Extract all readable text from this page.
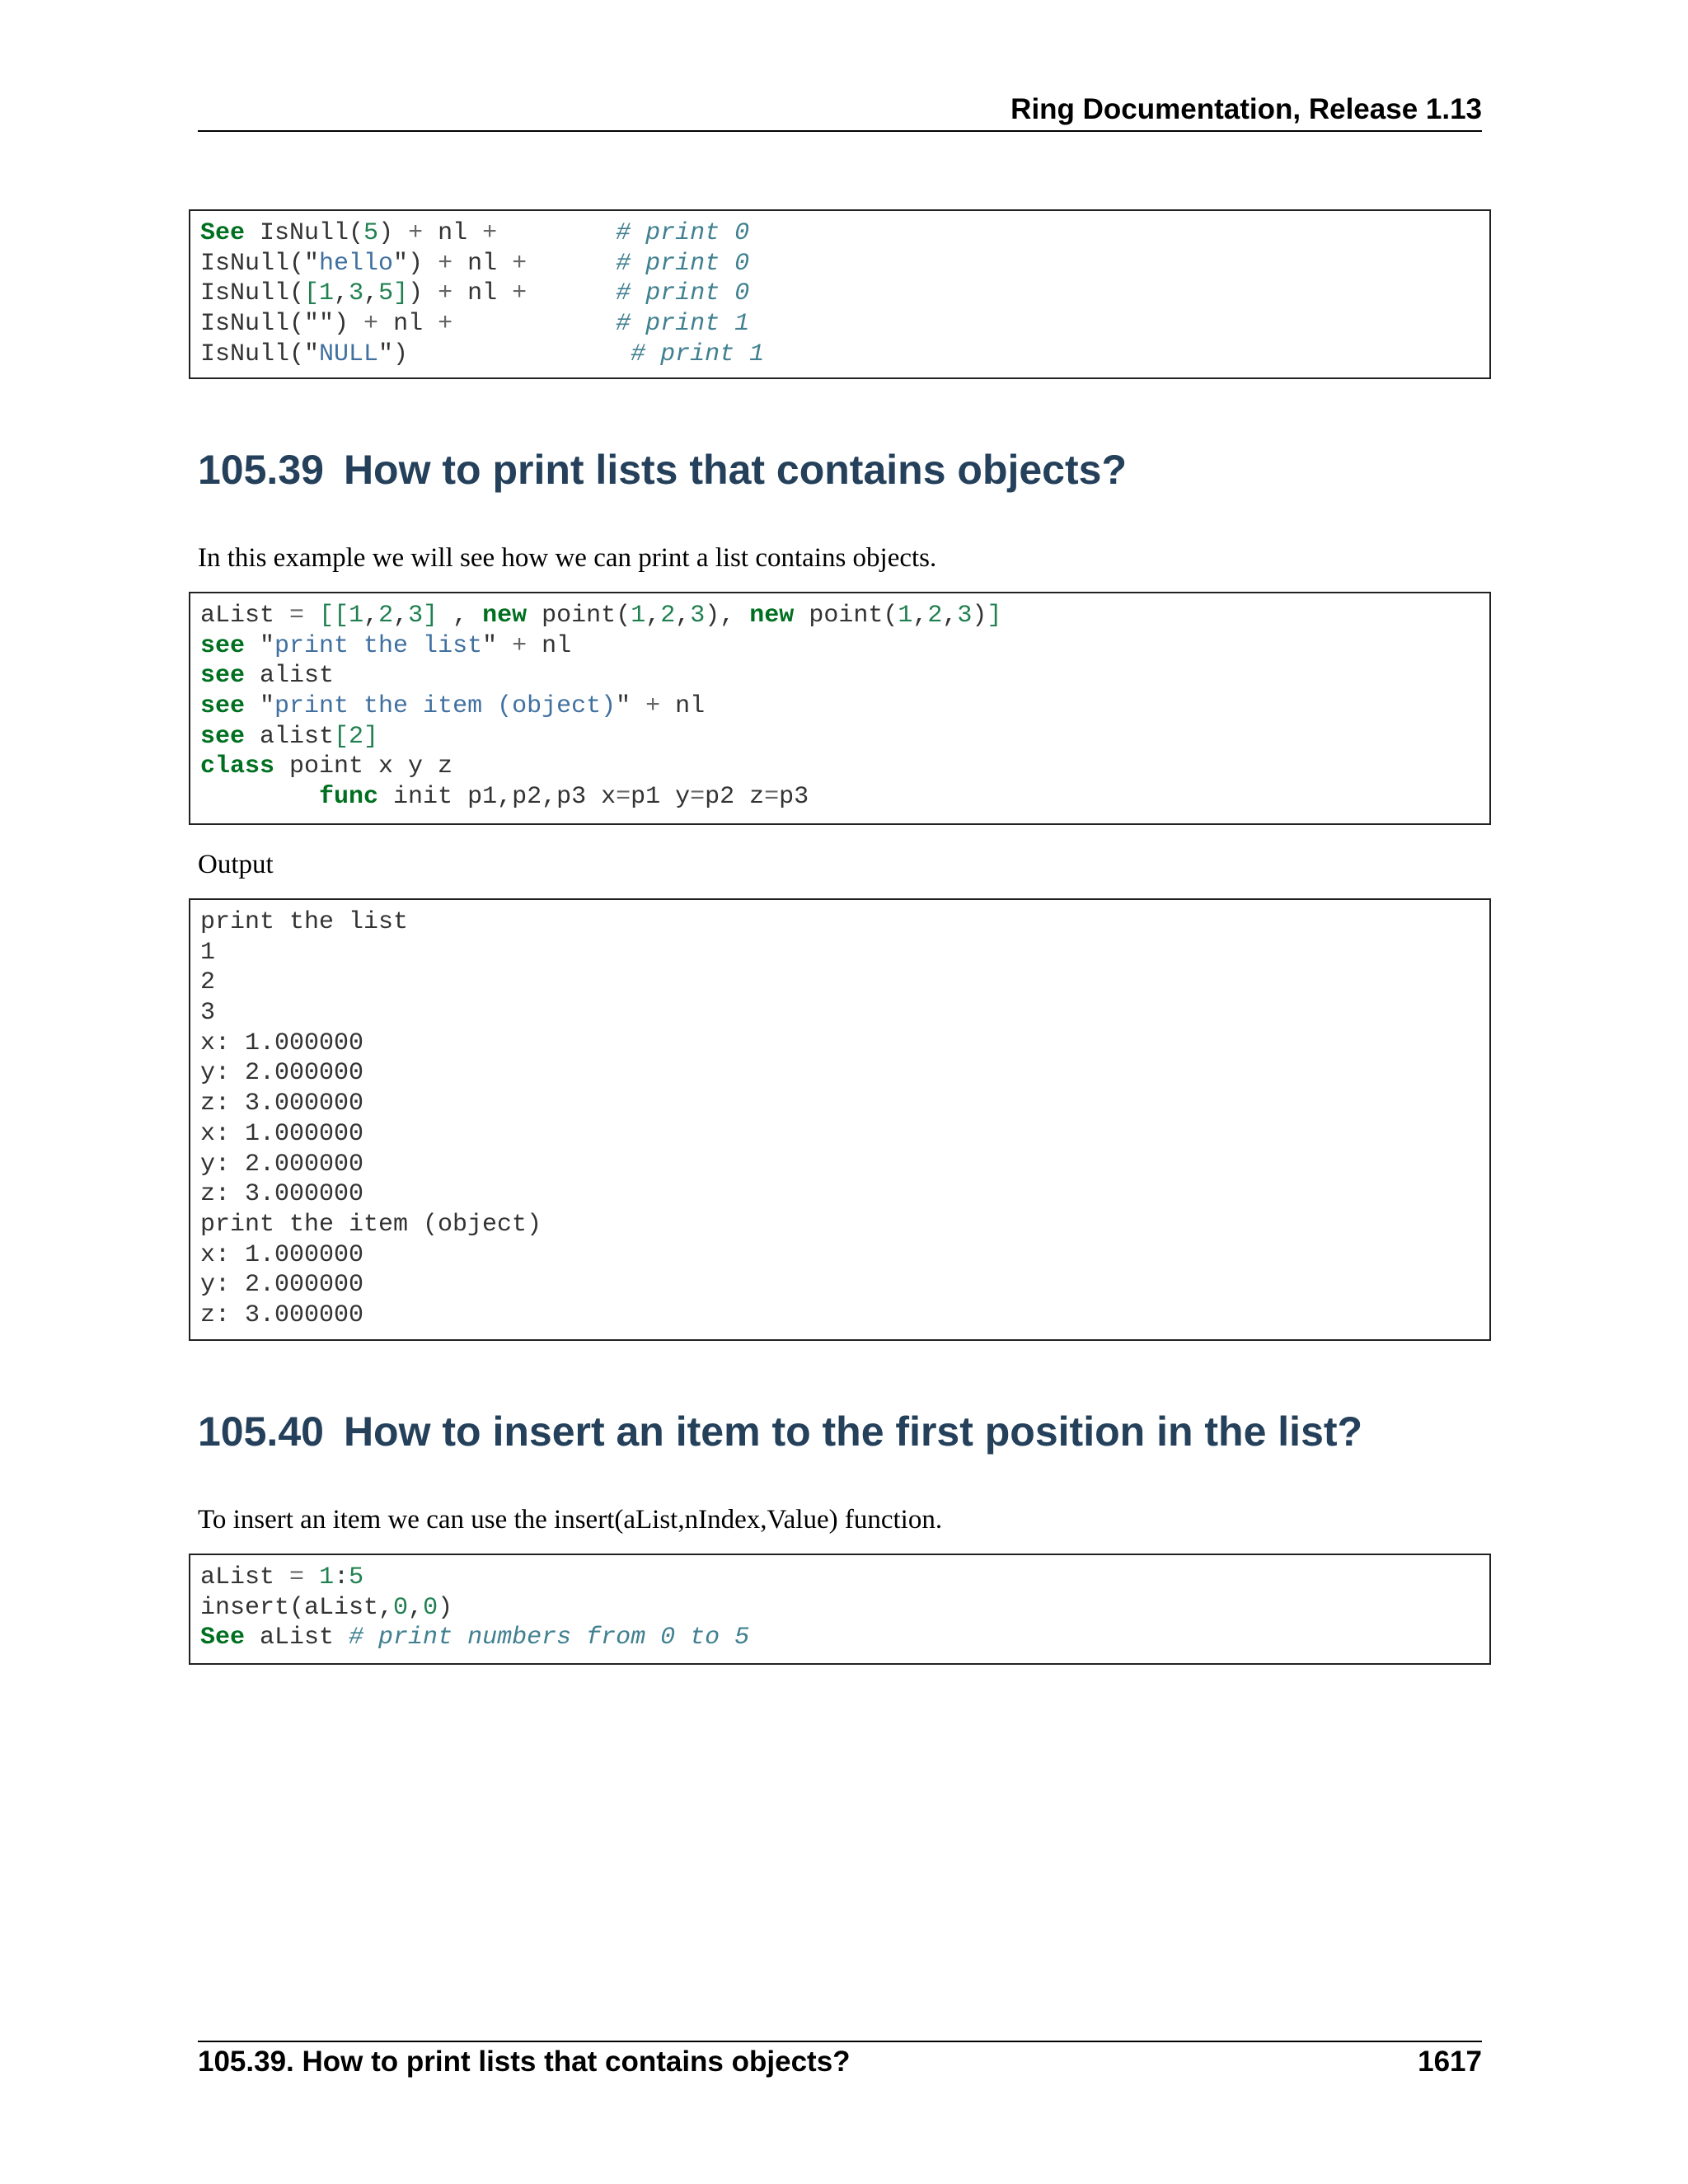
Ring Documentation, Release 1.13
See IsNull(5) + nl +	# print 0
IsNull("hello") + nl +	# print 0
IsNull([1,3,5]) + nl +	# print 0
IsNull("") + nl +	# print 1
IsNull("NULL")               # print 1
105.39 How to print lists that contains objects?

In this example we will see how we can print a list contains objects.

aList = [[1,2,3] , new point(1,2,3), new point(1,2,3)]
see "print the list" + nl
see alist
see "print the item (object)" + nl
see alist[2]
class point x y z
func init p1,p2,p3 x=p1 y=p2 z=p3

Output

print the list
1
2
3
x: 1.000000
y: 2.000000
z: 3.000000
x: 1.000000
y: 2.000000
z: 3.000000
print the item (object)
x: 1.000000
y: 2.000000
z: 3.000000
105.40 How to insert an item to the first position in the list?

To insert an item we can use the insert(aList,nIndex,Value) function.

aList = 1:5
insert(aList,0,0)
See aList # print numbers from 0 to 5
105.39. How to print lists that contains objects?	1617
